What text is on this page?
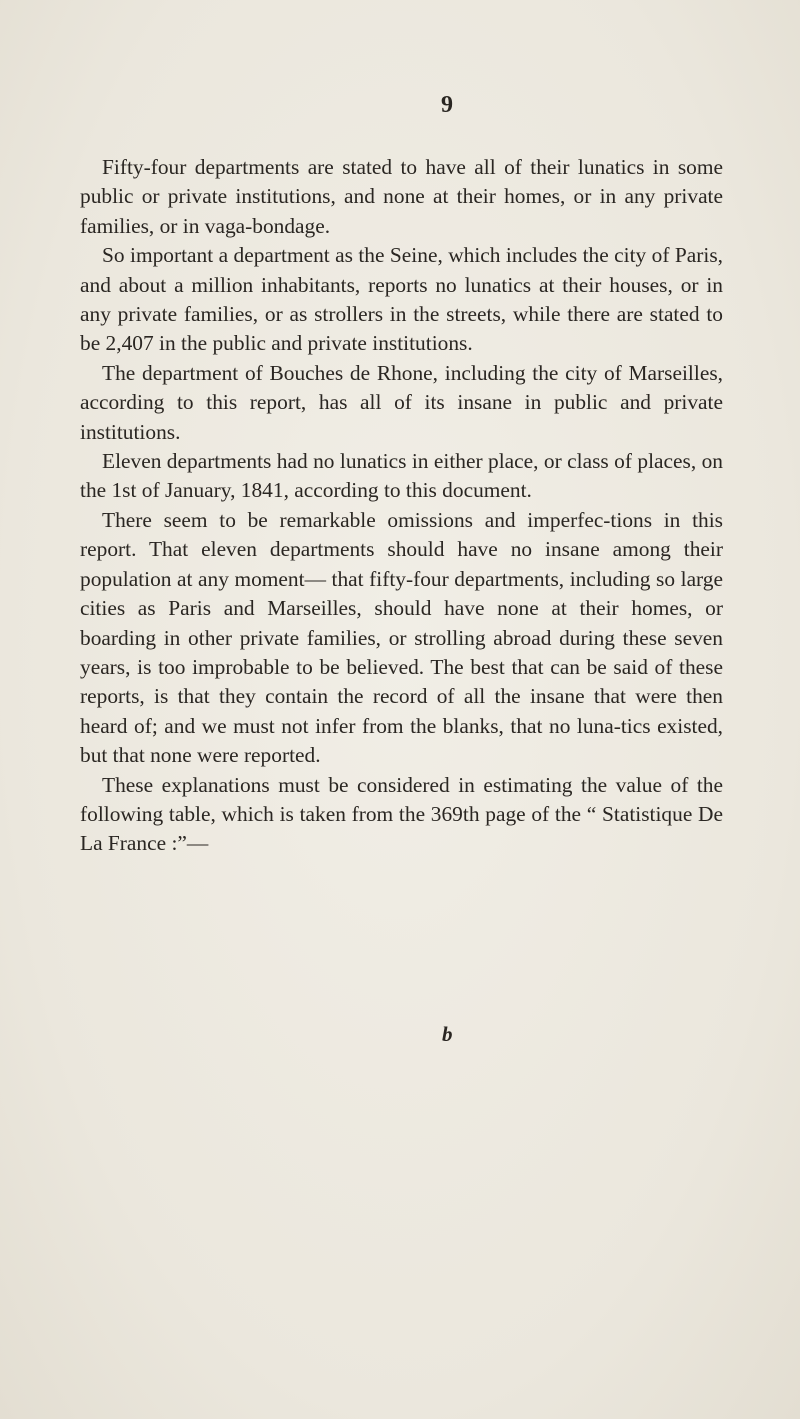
9

Fifty-four departments are stated to have all of their lunatics in some public or private institutions, and none at their homes, or in any private families, or in vaga-bondage.

So important a department as the Seine, which includes the city of Paris, and about a million inhabitants, reports no lunatics at their houses, or in any private families, or as strollers in the streets, while there are stated to be 2,407 in the public and private institutions.

The department of Bouches de Rhone, including the city of Marseilles, according to this report, has all of its insane in public and private institutions.

Eleven departments had no lunatics in either place, or class of places, on the 1st of January, 1841, according to this document.

There seem to be remarkable omissions and imperfec-tions in this report. That eleven departments should have no insane among their population at any moment— that fifty-four departments, including so large cities as Paris and Marseilles, should have none at their homes, or boarding in other private families, or strolling abroad during these seven years, is too improbable to be believed. The best that can be said of these reports, is that they contain the record of all the insane that were then heard of; and we must not infer from the blanks, that no luna-tics existed, but that none were reported.

These explanations must be considered in estimating the value of the following table, which is taken from the 369th page of the “ Statistique De La France :”—

b
